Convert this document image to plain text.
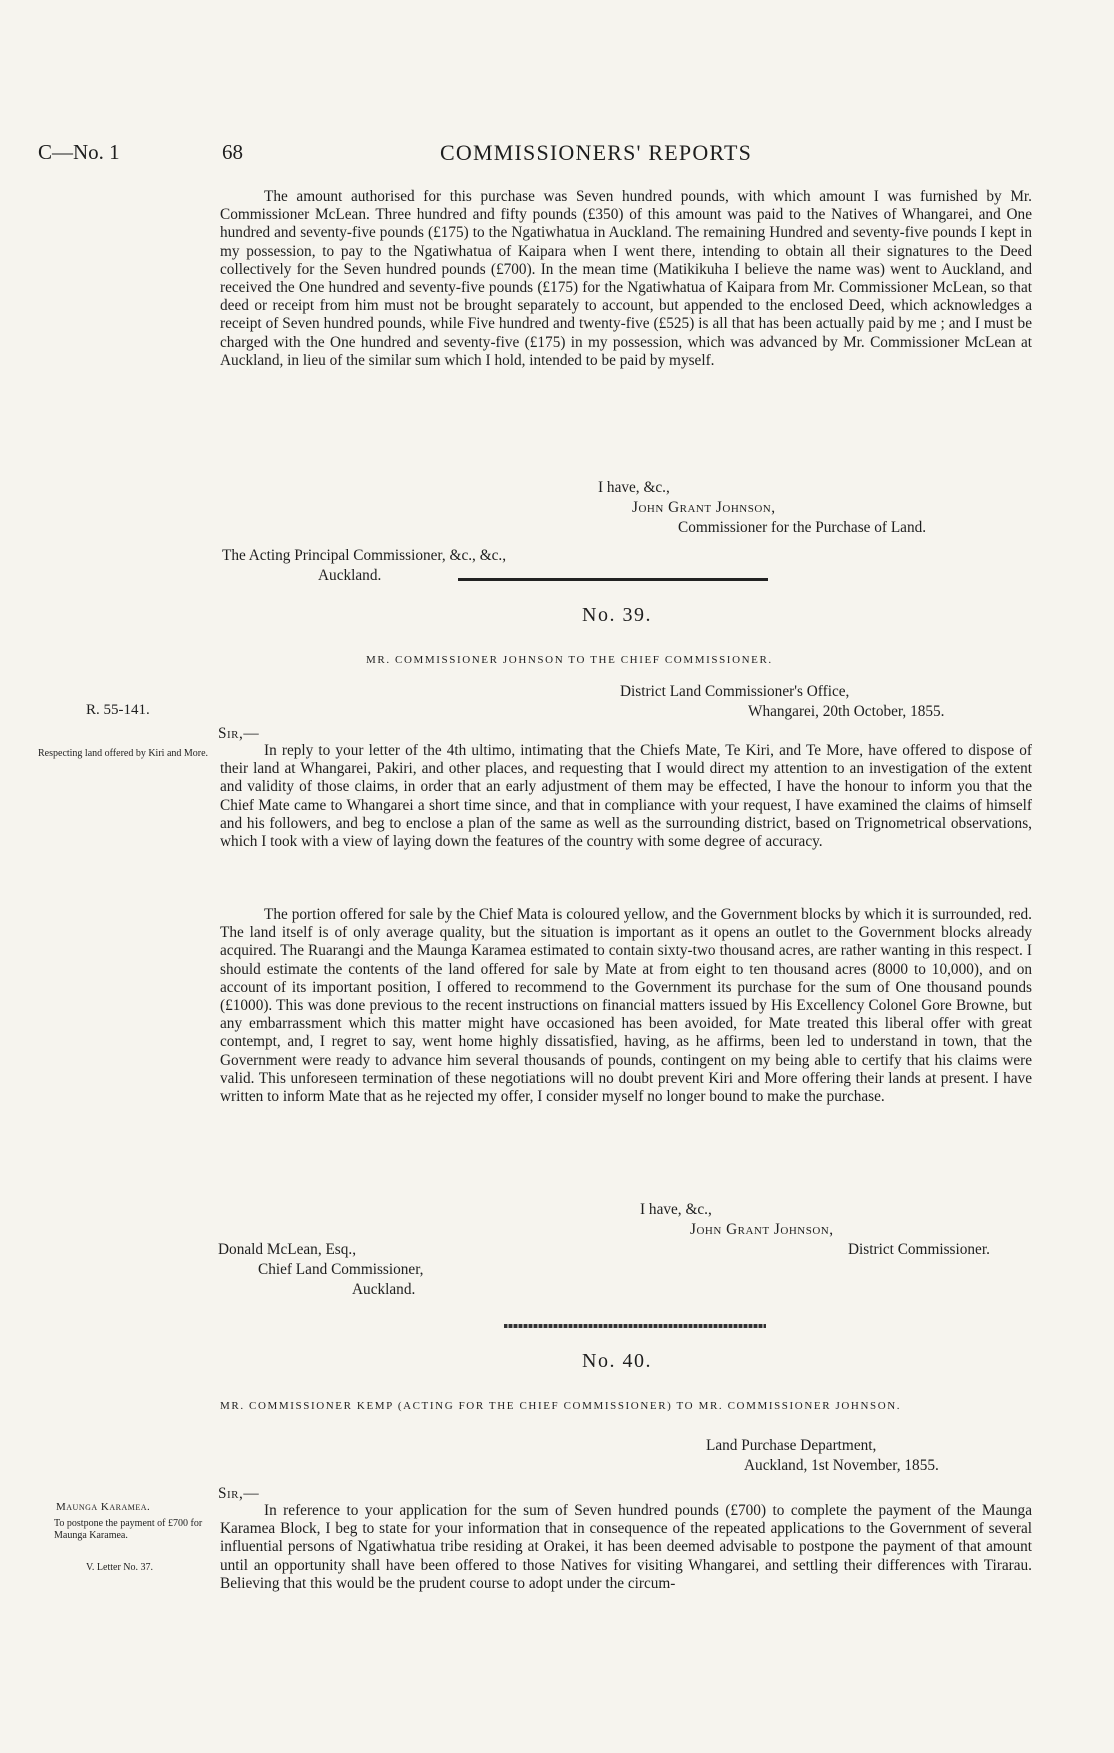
C—No. 1	68	COMMISSIONERS' REPORTS

The amount authorised for this purchase was Seven hundred pounds, with which amount I was furnished by Mr. Commissioner McLean. Three hundred and fifty pounds (£350) of this amount was paid to the Natives of Whangarei, and One hundred and seventy-five pounds (£175) to the Ngatiwhatua in Auckland. The remaining Hundred and seventy-five pounds I kept in my possession, to pay to the Ngatiwhatua of Kaipara when I went there, intending to obtain all their signatures to the Deed collectively for the Seven hundred pounds (£700). In the mean time (Matikikuha I believe the name was) went to Auckland, and received the One hundred and seventy-five pounds (£175) for the Ngatiwhatua of Kaipara from Mr. Commissioner McLean, so that deed or receipt from him must not be brought separately to account, but appended to the enclosed Deed, which acknowledges a receipt of Seven hundred pounds, while Five hundred and twenty-five (£525) is all that has been actually paid by me ; and I must be charged with the One hundred and seventy-five (£175) in my possession, which was advanced by Mr. Commissioner McLean at Auckland, in lieu of the similar sum which I hold, intended to be paid by myself.

I have, &c.,
John Grant Johnson,
Commissioner for the Purchase of Land.
The Acting Principal Commissioner, &c., &c.,
Auckland.
No. 39.
MR. COMMISSIONER JOHNSON TO THE CHIEF COMMISSIONER.
District Land Commissioner's Office,
Whangarei, 20th October, 1855.
R. 55-141.
Respecting land offered by Kiri and More.
Sir,—

In reply to your letter of the 4th ultimo, intimating that the Chiefs Mate, Te Kiri, and Te More, have offered to dispose of their land at Whangarei, Pakiri, and other places, and requesting that I would direct my attention to an investigation of the extent and validity of those claims, in order that an early adjustment of them may be effected, I have the honour to inform you that the Chief Mate came to Whangarei a short time since, and that in compliance with your request, I have examined the claims of himself and his followers, and beg to enclose a plan of the same as well as the surrounding district, based on Trignometrical observations, which I took with a view of laying down the features of the country with some degree of accuracy.

The portion offered for sale by the Chief Mata is coloured yellow, and the Government blocks by which it is surrounded, red. The land itself is of only average quality, but the situation is important as it opens an outlet to the Government blocks already acquired. The Ruarangi and the Maunga Karamea estimated to contain sixty-two thousand acres, are rather wanting in this respect. I should estimate the contents of the land offered for sale by Mate at from eight to ten thousand acres (8000 to 10,000), and on account of its important position, I offered to recommend to the Government its purchase for the sum of One thousand pounds (£1000). This was done previous to the recent instructions on financial matters issued by His Excellency Colonel Gore Browne, but any embarrassment which this matter might have occasioned has been avoided, for Mate treated this liberal offer with great contempt, and, I regret to say, went home highly dissatisfied, having, as he affirms, been led to understand in town, that the Government were ready to advance him several thousands of pounds, contingent on my being able to certify that his claims were valid. This unforeseen termination of these negotiations will no doubt prevent Kiri and More offering their lands at present. I have written to inform Mate that as he rejected my offer, I consider myself no longer bound to make the purchase.

I have, &c.,
John Grant Johnson,
District Commissioner.
Donald McLean, Esq.,
Chief Land Commissioner,
Auckland.
No. 40.
MR. COMMISSIONER KEMP (ACTING FOR THE CHIEF COMMISSIONER) TO MR. COMMISSIONER JOHNSON.
Land Purchase Department,
Auckland, 1st November, 1855.
Sir,—
Maunga Karamea.
To postpone the payment of £700 for Maunga Karamea.
V. Letter No. 37.

In reference to your application for the sum of Seven hundred pounds (£700) to complete the payment of the Maunga Karamea Block, I beg to state for your information that in consequence of the repeated applications to the Government of several influential persons of Ngatiwhatua tribe residing at Orakei, it has been deemed advisable to postpone the payment of that amount until an opportunity shall have been offered to those Natives for visiting Whangarei, and settling their differences with Tirarau. Believing that this would be the prudent course to adopt under the circum-
